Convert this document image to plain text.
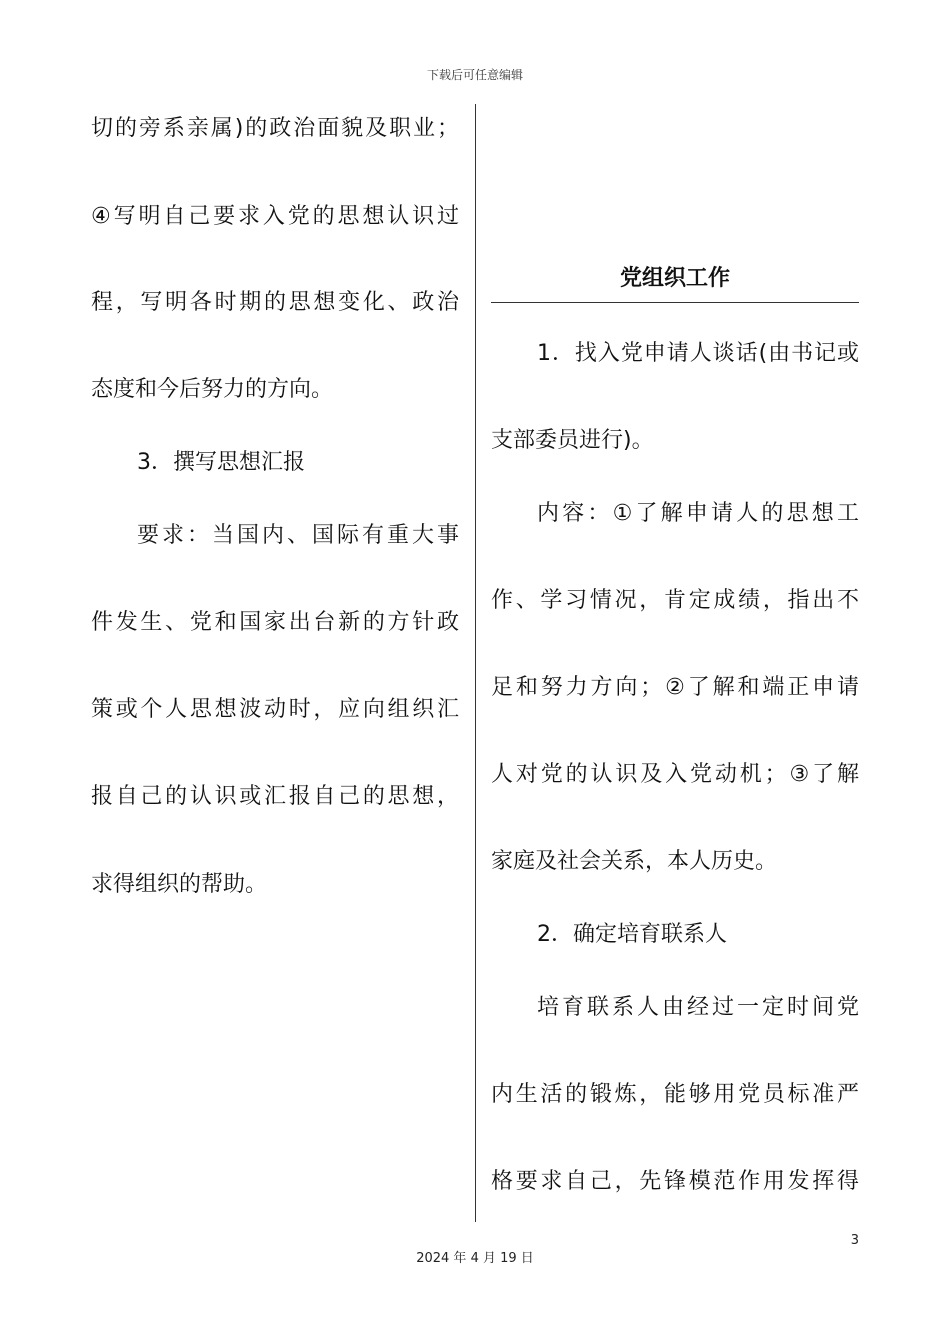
下载后可任意编辑
切的旁系亲属)的政治面貌及职业；
④写明自己要求入党的思想认识过
程，写明各时期的思想变化、政治
态度和今后努力的方向。
3．撰写思想汇报
要求：当国内、国际有重大事
件发生、党和国家出台新的方针政
策或个人思想波动时，应向组织汇
报自己的认识或汇报自己的思想，
求得组织的帮助。
党组织工作
1．找入党申请人谈话(由书记或
支部委员进行)。
内容：①了解申请人的思想工
作、学习情况，肯定成绩，指出不
足和努力方向；②了解和端正申请
人对党的认识及入党动机；③了解
家庭及社会关系，本人历史。
2．确定培育联系人
培育联系人由经过一定时间党
内生活的锻炼，能够用党员标准严
格要求自己，先锋模范作用发挥得
3
2024 年 4 月 19 日
